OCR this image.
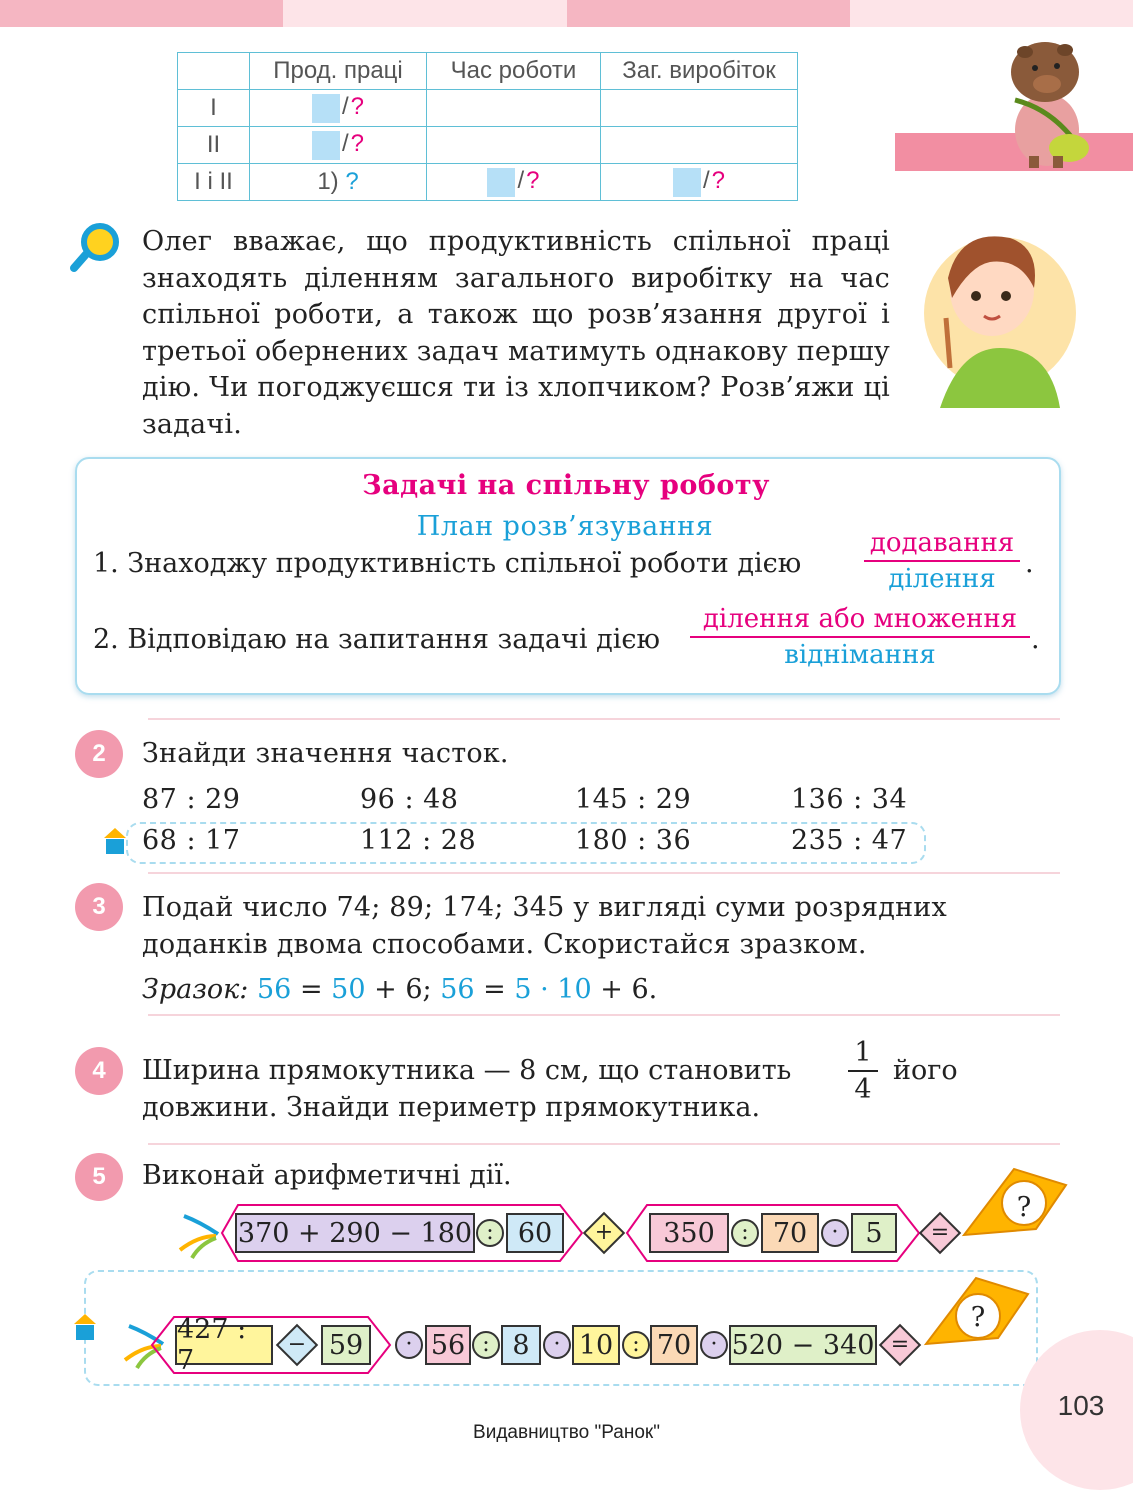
	Прод. праці	Час роботи	Заг. виробіток
I	/?		
II	/?		
I і II	1) ?	/?	/?
Олег вважає, що продуктивність спільної праці знаходять діленням загального виробітку на час спільної роботи, а також що розв’язання другої і третьої обернених задач матимуть однакову першу дію. Чи погоджуєшся ти із хлопчиком? Розв’яжи ці задачі.
Задачі на спільну роботу
План розв’язування
1. Знаходжу продуктивність спільної роботи дією
додавання
ділення	.
2. Відповідаю на запитання задачі дією
ділення або множення
віднімання	.
2	Знайди значення часток.
87 : 29	96 : 48	145 : 29	136 : 34
68 : 17	112 : 28	180 : 36	235 : 47
3	Подай число 74; 89; 174; 345 у вигляді суми розрядних доданків двома способами. Скористайся зразком.
Зразок: 56 = 50 + 6; 56 = 5 · 10 + 6.
4	Ширина прямокутника — 8 см, що становить $\frac{1}{4}$ його
довжини. Знайди периметр прямокутника.
5	Виконай арифметичні дії.
370 + 290 − 180 : 60	+	350	: 70	· 5	=
?
427 : 7
− 59	· 56 : 8	· 10 : 70 · 520 − 340 =
?
103
Видавництво "Ранок"
